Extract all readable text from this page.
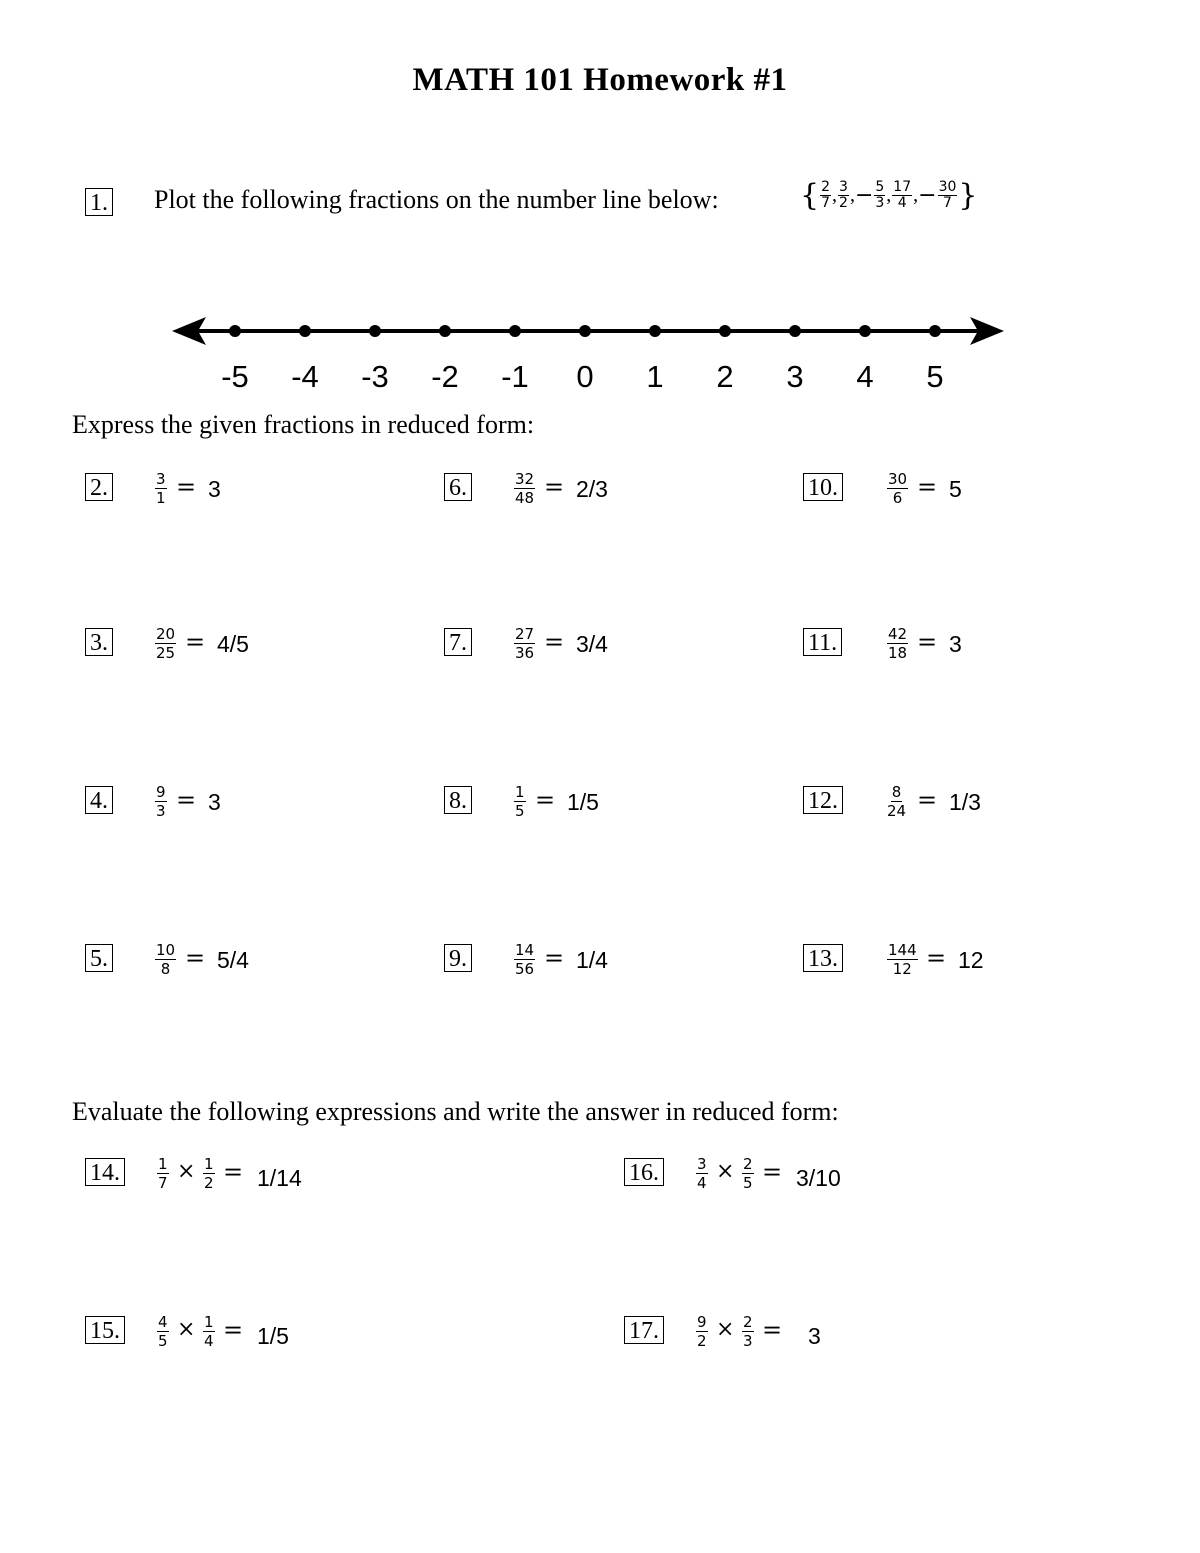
MATH 101 Homework #1
1. Plot the following fractions on the number line below:	{ $\frac{2}{7}$ , $\frac{3}{2}$ ,− $\frac{5}{3}$ , $\frac{17}{4}$ ,− $\frac{30}{7}$ }
-5 -4 -3 -2 -1 0 1 2 3 4 5
Express the given fractions in reduced form:
2.	$\frac{3}{1} = 3$
3.	$\frac{20}{25} = 4/5$
4.	$\frac{9}{3} = 3$
5.	$\frac{10}{8} = 5/4$
6.	$\frac{32}{48} = 2/3$
7.	$\frac{27}{36} = 3/4$
8.	$\frac{1}{5} = 1/5$
9.	$\frac{14}{56} = 1/4$
10.	$\frac{30}{6} = 5$
11.	$\frac{42}{18} = 3$
12.	$\frac{8}{24} = 1/3$
13.	$\frac{144}{12} = 12$
Evaluate the following expressions and write the answer in reduced form:
14.	$\frac{1}{7} \times \frac{1}{2} = 1/14$
15.	$\frac{4}{5} \times \frac{1}{4} = 1/5$
16.	$\frac{3}{4} \times \frac{2}{5} = 3/10$
17.	$\frac{9}{2} \times \frac{2}{3} = 3$
